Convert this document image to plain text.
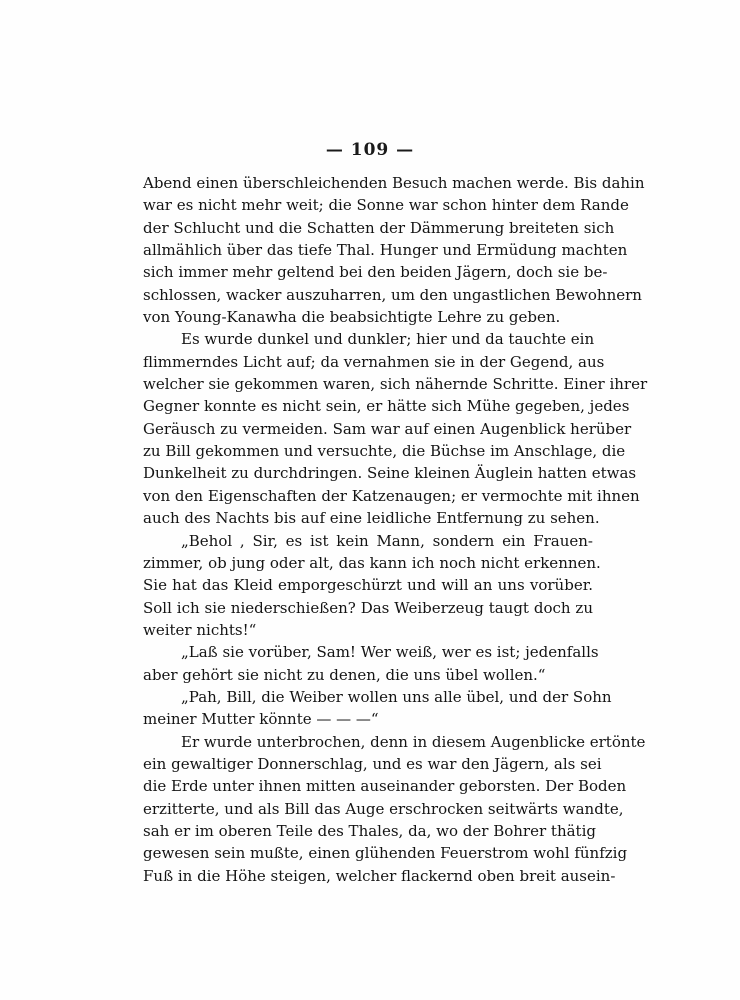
— 109 —
Abend einen überschleichenden Besuch machen werde. Bis dahin
war es nicht mehr weit; die Sonne war schon hinter dem Rande
der Schlucht und die Schatten der Dämmerung breiteten sich
allmählich über das tiefe Thal. Hunger und Ermüdung machten
sich immer mehr geltend bei den beiden Jägern, doch sie be-
schlossen, wacker auszuharren, um den ungastlichen Bewohnern
von Young-Kanawha die beabsichtigte Lehre zu geben.
Es wurde dunkel und dunkler; hier und da tauchte ein
flimmerndes Licht auf; da vernahmen sie in der Gegend, aus
welcher sie gekommen waren, sich nähernde Schritte. Einer ihrer
Gegner konnte es nicht sein, er hätte sich Mühe gegeben, jedes
Geräusch zu vermeiden. Sam war auf einen Augenblick herüber
zu Bill gekommen und versuchte, die Büchse im Anschlage, die
Dunkelheit zu durchdringen. Seine kleinen Äuglein hatten etwas
von den Eigenschaften der Katzenaugen; er vermochte mit ihnen
auch des Nachts bis auf eine leidliche Entfernung zu sehen.
„Behol , Sir, es ist kein Mann, sondern ein Frauen-
zimmer, ob jung oder alt, das kann ich noch nicht erkennen.
Sie hat das Kleid emporgeschürzt und will an uns vorüber.
Soll ich sie niederschießen? Das Weiberzeug taugt doch zu
weiter nichts!“
„Laß sie vorüber, Sam! Wer weiß, wer es ist; jedenfalls
aber gehört sie nicht zu denen, die uns übel wollen.“
„Pah, Bill, die Weiber wollen uns alle übel, und der Sohn
meiner Mutter könnte — — —“
Er wurde unterbrochen, denn in diesem Augenblicke ertönte
ein gewaltiger Donnerschlag, und es war den Jägern, als sei
die Erde unter ihnen mitten auseinander geborsten. Der Boden
erzitterte, und als Bill das Auge erschrocken seitwärts wandte,
sah er im oberen Teile des Thales, da, wo der Bohrer thätig
gewesen sein mußte, einen glühenden Feuerstrom wohl fünfzig
Fuß in die Höhe steigen, welcher flackernd oben breit ausein-
